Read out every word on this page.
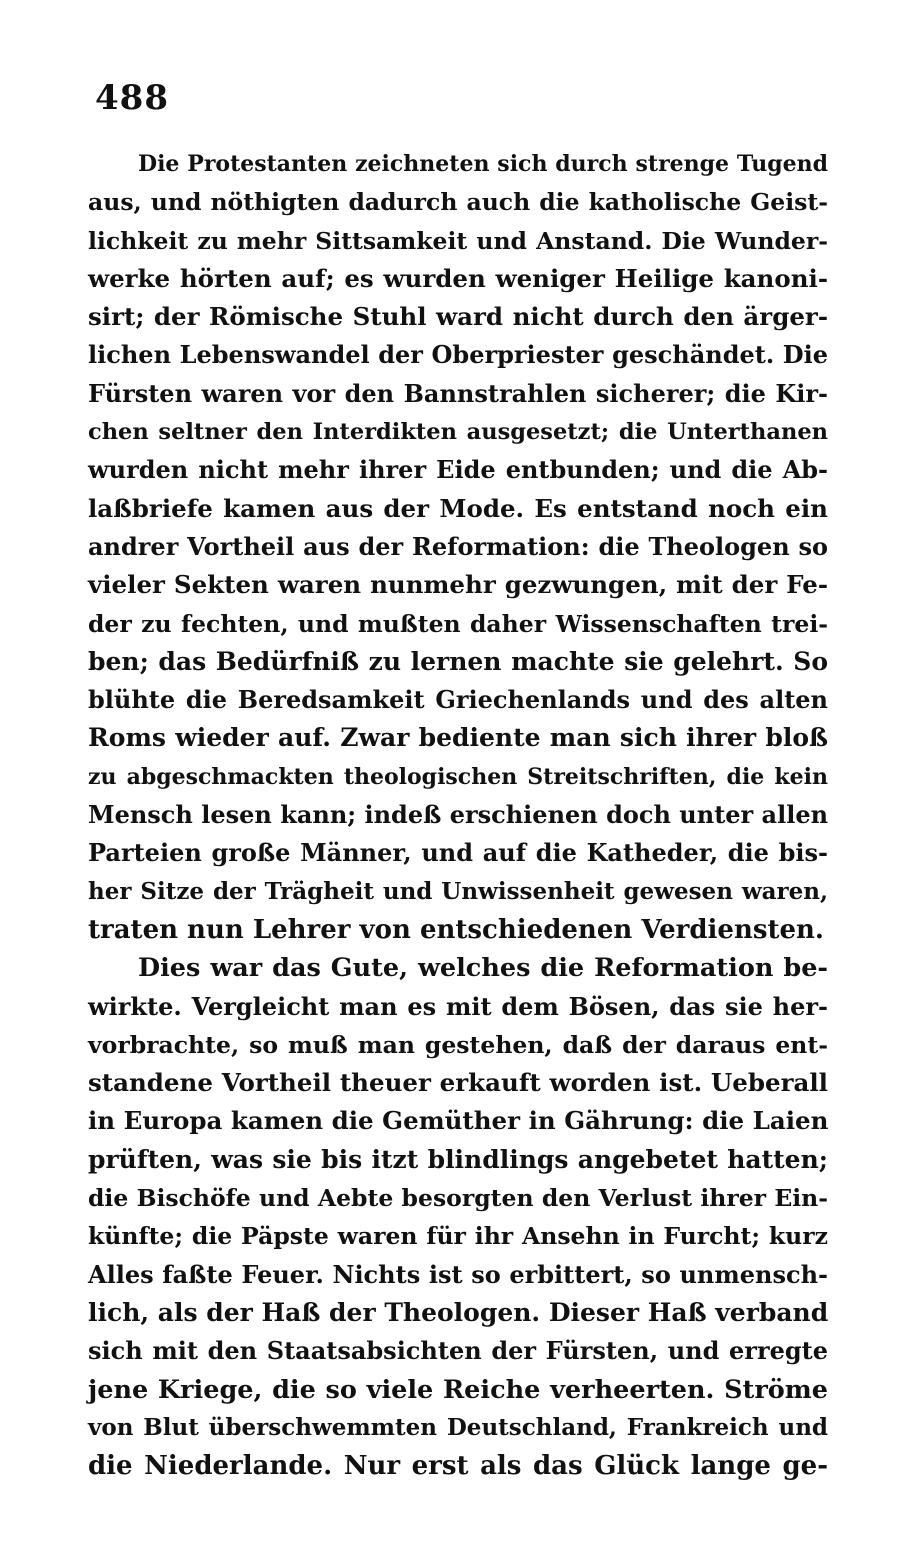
488
Die Protestanten zeichneten sich durch strenge Tugend
aus, und nöthigten dadurch auch die katholische Geist-
lichkeit zu mehr Sittsamkeit und Anstand. Die Wunder-
werke hörten auf; es wurden weniger Heilige kanoni-
sirt; der Römische Stuhl ward nicht durch den ärger-
lichen Lebenswandel der Oberpriester geschändet. Die
Fürsten waren vor den Bannstrahlen sicherer; die Kir-
chen seltner den Interdikten ausgesetzt; die Unterthanen
wurden nicht mehr ihrer Eide entbunden; und die Ab-
laßbriefe kamen aus der Mode. Es entstand noch ein
andrer Vortheil aus der Reformation: die Theologen so
vieler Sekten waren nunmehr gezwungen, mit der Fe-
der zu fechten, und mußten daher Wissenschaften trei-
ben; das Bedürfniß zu lernen machte sie gelehrt. So
blühte die Beredsamkeit Griechenlands und des alten
Roms wieder auf. Zwar bediente man sich ihrer bloß
zu abgeschmackten theologischen Streitschriften, die kein
Mensch lesen kann; indeß erschienen doch unter allen
Parteien große Männer, und auf die Katheder, die bis-
her Sitze der Trägheit und Unwissenheit gewesen waren,
traten nun Lehrer von entschiedenen Verdiensten.
Dies war das Gute, welches die Reformation be-
wirkte. Vergleicht man es mit dem Bösen, das sie her-
vorbrachte, so muß man gestehen, daß der daraus ent-
standene Vortheil theuer erkauft worden ist. Ueberall
in Europa kamen die Gemüther in Gährung: die Laien
prüften, was sie bis itzt blindlings angebetet hatten;
die Bischöfe und Aebte besorgten den Verlust ihrer Ein-
künfte; die Päpste waren für ihr Ansehn in Furcht; kurz
Alles faßte Feuer. Nichts ist so erbittert, so unmensch-
lich, als der Haß der Theologen. Dieser Haß verband
sich mit den Staatsabsichten der Fürsten, und erregte
jene Kriege, die so viele Reiche verheerten. Ströme
von Blut überschwemmten Deutschland, Frankreich und
die Niederlande. Nur erst als das Glück lange ge-
